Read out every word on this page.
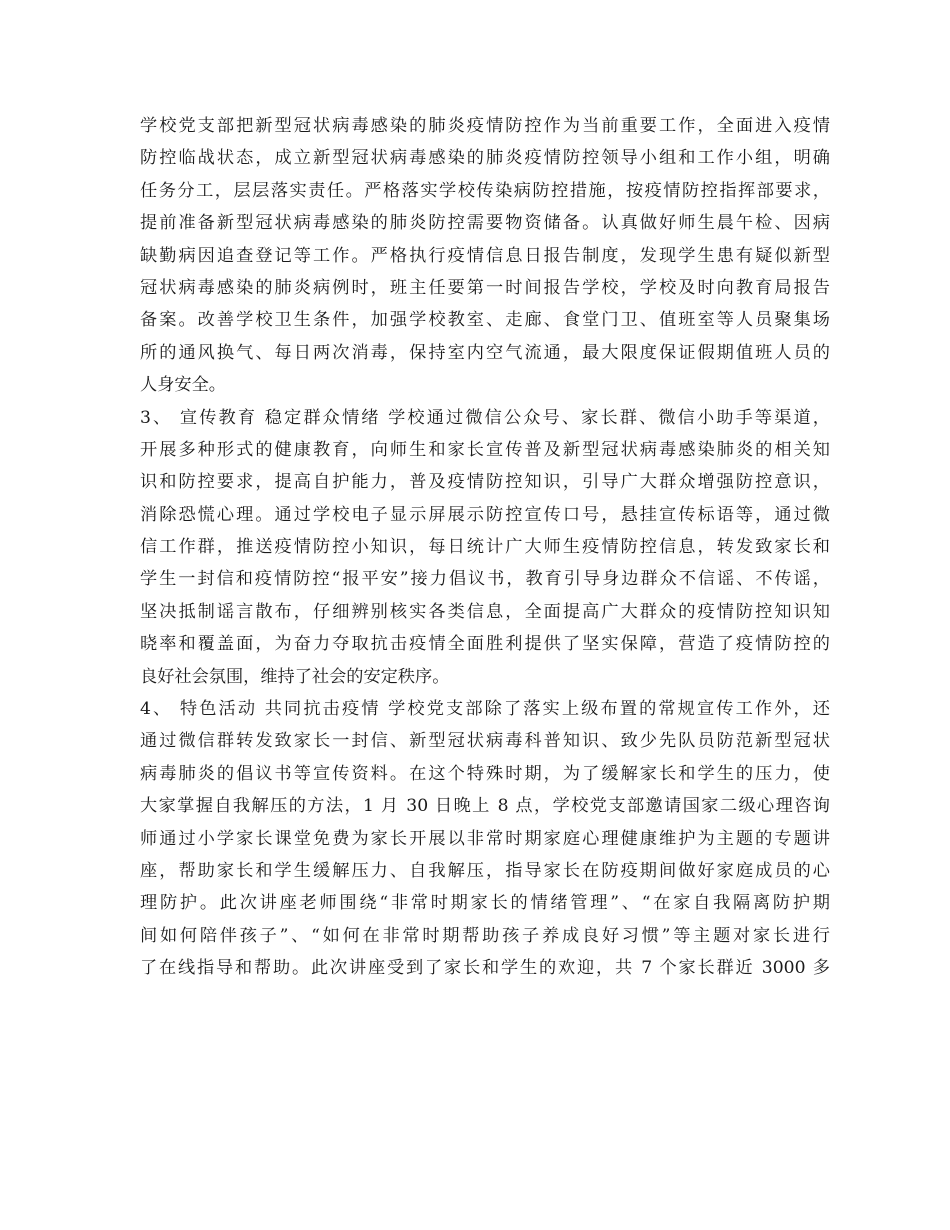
学校党支部把新型冠状病毒感染的肺炎疫情防控作为当前重要工作，全面进入疫情
防控临战状态，成立新型冠状病毒感染的肺炎疫情防控领导小组和工作小组，明确
任务分工，层层落实责任。严格落实学校传染病防控措施，按疫情防控指挥部要求，
提前准备新型冠状病毒感染的肺炎防控需要物资储备。认真做好师生晨午检、因病
缺勤病因追查登记等工作。严格执行疫情信息日报告制度，发现学生患有疑似新型
冠状病毒感染的肺炎病例时，班主任要第一时间报告学校，学校及时向教育局报告
备案。改善学校卫生条件，加强学校教室、走廊、食堂门卫、值班室等人员聚集场
所的通风换气、每日两次消毒，保持室内空气流通，最大限度保证假期值班人员的
人身安全。
3、 宣传教育 稳定群众情绪 学校通过微信公众号、家长群、微信小助手等渠道，
开展多种形式的健康教育，向师生和家长宣传普及新型冠状病毒感染肺炎的相关知
识和防控要求，提高自护能力，普及疫情防控知识，引导广大群众增强防控意识，
消除恐慌心理。通过学校电子显示屏展示防控宣传口号，悬挂宣传标语等，通过微
信工作群，推送疫情防控小知识，每日统计广大师生疫情防控信息，转发致家长和
学生一封信和疫情防控“报平安”接力倡议书，教育引导身边群众不信谣、不传谣，
坚决抵制谣言散布，仔细辨别核实各类信息，全面提高广大群众的疫情防控知识知
晓率和覆盖面，为奋力夺取抗击疫情全面胜利提供了坚实保障，营造了疫情防控的
良好社会氛围，维持了社会的安定秩序。
4、 特色活动 共同抗击疫情 学校党支部除了落实上级布置的常规宣传工作外，还
通过微信群转发致家长一封信、新型冠状病毒科普知识、致少先队员防范新型冠状
病毒肺炎的倡议书等宣传资料。在这个特殊时期，为了缓解家长和学生的压力，使
大家掌握自我解压的方法，1 月 30 日晚上 8 点，学校党支部邀请国家二级心理咨询
师通过小学家长课堂免费为家长开展以非常时期家庭心理健康维护为主题的专题讲
座，帮助家长和学生缓解压力、自我解压，指导家长在防疫期间做好家庭成员的心
理防护。此次讲座老师围绕“非常时期家长的情绪管理”、“在家自我隔离防护期
间如何陪伴孩子”、“如何在非常时期帮助孩子养成良好习惯”等主题对家长进行
了在线指导和帮助。此次讲座受到了家长和学生的欢迎，共 7 个家长群近 3000 多
